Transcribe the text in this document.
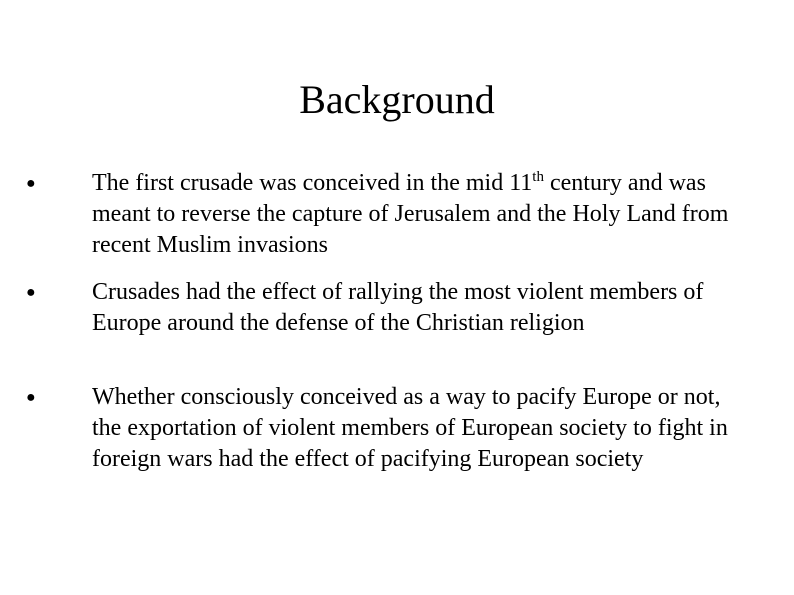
Background
● The first crusade was conceived in the mid 11th century and was meant to reverse the capture of Jerusalem and the Holy Land from recent Muslim invasions

● Crusades had the effect of rallying the most violent members of Europe around the defense of the Christian religion

● Whether consciously conceived as a way to pacify Europe or not, the exportation of violent members of European society to fight in foreign wars had the effect of pacifying European society
